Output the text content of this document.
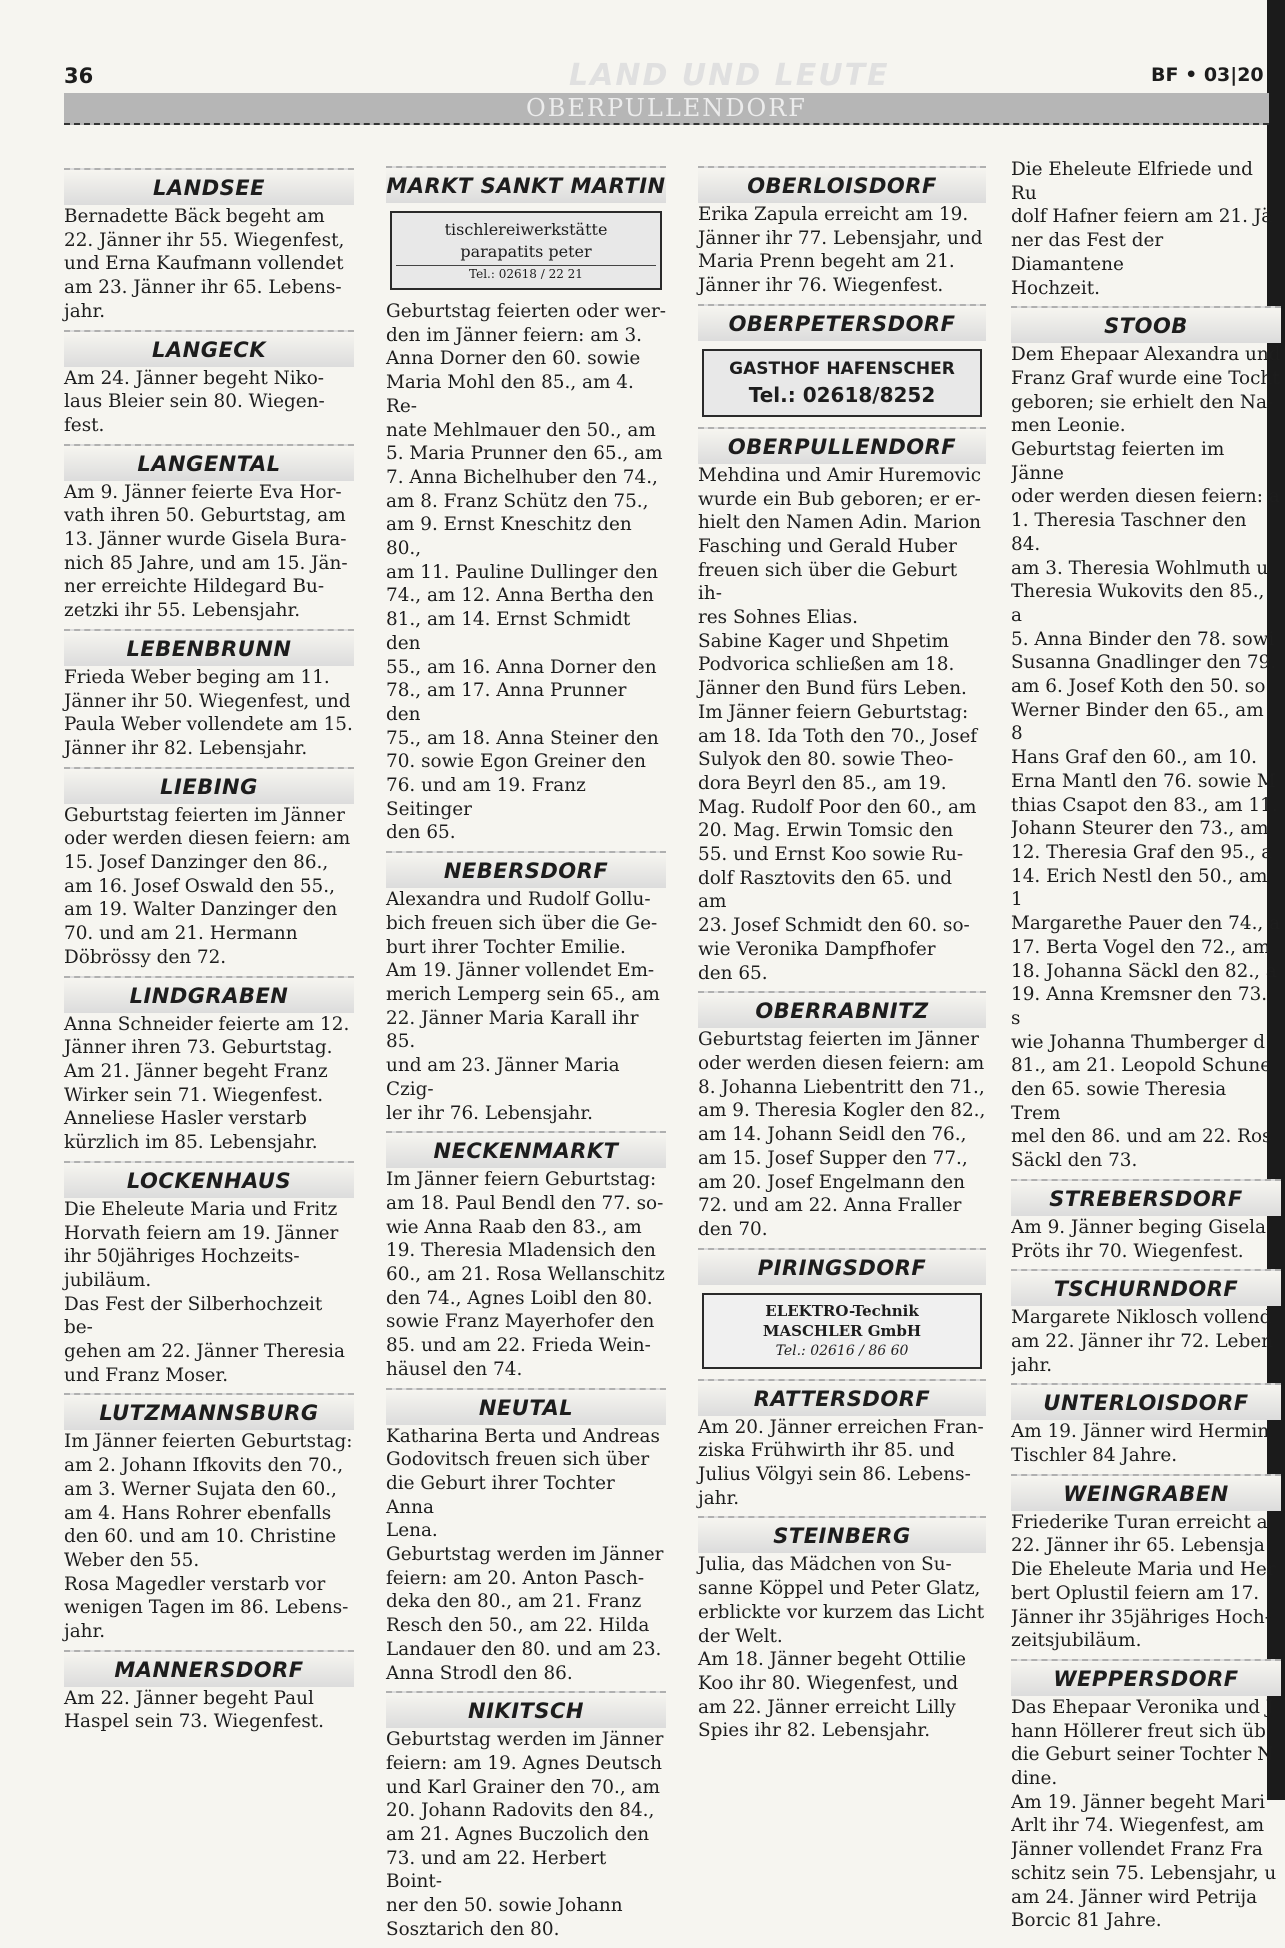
36	LAND UND LEUTE	BF • 03|20
OBERPULLENDORF
LANDSEE

Bernadette Bäck begeht am
22. Jänner ihr 55. Wiegenfest,
und Erna Kaufmann vollendet
am 23. Jänner ihr 65. Lebens-
jahr.

LANGECK

Am 24. Jänner begeht Niko-
laus Bleier sein 80. Wiegen-
fest.

LANGENTAL

Am 9. Jänner feierte Eva Hor-
vath ihren 50. Geburtstag, am
13. Jänner wurde Gisela Bura-
nich 85 Jahre, und am 15. Jän-
ner erreichte Hildegard Bu-
zetzki ihr 55. Lebensjahr.

LEBENBRUNN

Frieda Weber beging am 11.
Jänner ihr 50. Wiegenfest, und
Paula Weber vollendete am 15.
Jänner ihr 82. Lebensjahr.

LIEBING

Geburtstag feierten im Jänner
oder werden diesen feiern: am
15. Josef Danzinger den 86.,
am 16. Josef Oswald den 55.,
am 19. Walter Danzinger den
70. und am 21. Hermann
Döbrössy den 72.

LINDGRABEN

Anna Schneider feierte am 12.
Jänner ihren 73. Geburtstag.
Am 21. Jänner begeht Franz
Wirker sein 71. Wiegenfest.
Anneliese Hasler verstarb
kürzlich im 85. Lebensjahr.

LOCKENHAUS

Die Eheleute Maria und Fritz
Horvath feiern am 19. Jänner
ihr 50jähriges Hochzeits-
jubiläum.
Das Fest der Silberhochzeit be-
gehen am 22. Jänner Theresia
und Franz Moser.

LUTZMANNSBURG

Im Jänner feierten Geburtstag:
am 2. Johann Ifkovits den 70.,
am 3. Werner Sujata den 60.,
am 4. Hans Rohrer ebenfalls
den 60. und am 10. Christine
Weber den 55.
Rosa Magedler verstarb vor
wenigen Tagen im 86. Lebens-
jahr.

MANNERSDORF

Am 22. Jänner begeht Paul
Haspel sein 73. Wiegenfest.

MARKT SANKT MARTIN
tischlereiwerkstätte
parapatits peter
Tel.: 02618 / 22 21

Geburtstag feierten oder wer-
den im Jänner feiern: am 3.
Anna Dorner den 60. sowie
Maria Mohl den 85., am 4. Re-
nate Mehlmauer den 50., am
5. Maria Prunner den 65., am
7. Anna Bichelhuber den 74.,
am 8. Franz Schütz den 75.,
am 9. Ernst Kneschitz den 80.,
am 11. Pauline Dullinger den
74., am 12. Anna Bertha den
81., am 14. Ernst Schmidt den
55., am 16. Anna Dorner den
78., am 17. Anna Prunner den
75., am 18. Anna Steiner den
70. sowie Egon Greiner den
76. und am 19. Franz Seitinger
den 65.

NEBERSDORF

Alexandra und Rudolf Gollu-
bich freuen sich über die Ge-
burt ihrer Tochter Emilie.
Am 19. Jänner vollendet Em-
merich Lemperg sein 65., am
22. Jänner Maria Karall ihr 85.
und am 23. Jänner Maria Czig-
ler ihr 76. Lebensjahr.

NECKENMARKT

Im Jänner feiern Geburtstag:
am 18. Paul Bendl den 77. so-
wie Anna Raab den 83., am
19. Theresia Mladensich den
60., am 21. Rosa Wellanschitz
den 74., Agnes Loibl den 80.
sowie Franz Mayerhofer den
85. und am 22. Frieda Wein-
häusel den 74.

NEUTAL

Katharina Berta und Andreas
Godovitsch freuen sich über
die Geburt ihrer Tochter Anna
Lena.
Geburtstag werden im Jänner
feiern: am 20. Anton Pasch-
deka den 80., am 21. Franz
Resch den 50., am 22. Hilda
Landauer den 80. und am 23.
Anna Strodl den 86.

NIKITSCH

Geburtstag werden im Jänner
feiern: am 19. Agnes Deutsch
und Karl Grainer den 70., am
20. Johann Radovits den 84.,
am 21. Agnes Buczolich den
73. und am 22. Herbert Boint-
ner den 50. sowie Johann
Sosztarich den 80.

OBERLOISDORF

Erika Zapula erreicht am 19.
Jänner ihr 77. Lebensjahr, und
Maria Prenn begeht am 21.
Jänner ihr 76. Wiegenfest.

OBERPETERSDORF
GASTHOF HAFENSCHER
Tel.: 02618/8252
OBERPULLENDORF

Mehdina und Amir Huremovic
wurde ein Bub geboren; er er-
hielt den Namen Adin. Marion
Fasching und Gerald Huber
freuen sich über die Geburt ih-
res Sohnes Elias.
Sabine Kager und Shpetim
Podvorica schließen am 18.
Jänner den Bund fürs Leben.
Im Jänner feiern Geburtstag:
am 18. Ida Toth den 70., Josef
Sulyok den 80. sowie Theo-
dora Beyrl den 85., am 19.
Mag. Rudolf Poor den 60., am
20. Mag. Erwin Tomsic den
55. und Ernst Koo sowie Ru-
dolf Rasztovits den 65. und am
23. Josef Schmidt den 60. so-
wie Veronika Dampfhofer
den 65.

OBERRABNITZ

Geburtstag feierten im Jänner
oder werden diesen feiern: am
8. Johanna Liebentritt den 71.,
am 9. Theresia Kogler den 82.,
am 14. Johann Seidl den 76.,
am 15. Josef Supper den 77.,
am 20. Josef Engelmann den
72. und am 22. Anna Fraller
den 70.

PIRINGSDORF
ELEKTRO-Technik
MASCHLER GmbH
Tel.: 02616 / 86 60
RATTERSDORF

Am 20. Jänner erreichen Fran-
ziska Frühwirth ihr 85. und
Julius Völgyi sein 86. Lebens-
jahr.

STEINBERG

Julia, das Mädchen von Su-
sanne Köppel und Peter Glatz,
erblickte vor kurzem das Licht
der Welt.
Am 18. Jänner begeht Ottilie
Koo ihr 80. Wiegenfest, und
am 22. Jänner erreicht Lilly
Spies ihr 82. Lebensjahr.

Die Eheleute Elfriede und Ru
dolf Hafner feiern am 21. Jä
ner das Fest der Diamantene
Hochzeit.

STOOB

Dem Ehepaar Alexandra und
Franz Graf wurde eine Tocht
geboren; sie erhielt den Na-
men Leonie.
Geburtstag feierten im Jänne
oder werden diesen feiern: a
1. Theresia Taschner den 84.
am 3. Theresia Wohlmuth u
Theresia Wukovits den 85., a
5. Anna Binder den 78. sowi
Susanna Gnadlinger den 79.
am 6. Josef Koth den 50. so
Werner Binder den 65., am 8
Hans Graf den 60., am 10.
Erna Mantl den 76. sowie M
thias Csapot den 83., am 11.
Johann Steurer den 73., am
12. Theresia Graf den 95., a
14. Erich Nestl den 50., am 1
Margarethe Pauer den 74., a
17. Berta Vogel den 72., am
18. Johanna Säckl den 82., a
19. Anna Kremsner den 73. s
wie Johanna Thumberger d
81., am 21. Leopold Schune
den 65. sowie Theresia Trem
mel den 86. und am 22. Ros
Säckl den 73.

STREBERSDORF

Am 9. Jänner beging Gisela
Pröts ihr 70. Wiegenfest.

TSCHURNDORF

Margarete Niklosch vollend
am 22. Jänner ihr 72. Leben
jahr.

UNTERLOISDORF

Am 19. Jänner wird Hermin
Tischler 84 Jahre.

WEINGRABEN

Friederike Turan erreicht a
22. Jänner ihr 65. Lebensja
Die Eheleute Maria und Her
bert Oplustil feiern am 17.
Jänner ihr 35jähriges Hoch-
zeitsjubiläum.

WEPPERSDORF

Das Ehepaar Veronika und J
hann Höllerer freut sich üb
die Geburt seiner Tochter N
dine.
Am 19. Jänner begeht Mari
Arlt ihr 74. Wiegenfest, am
Jänner vollendet Franz Fra
schitz sein 75. Lebensjahr, u
am 24. Jänner wird Petrija
Borcic 81 Jahre.
